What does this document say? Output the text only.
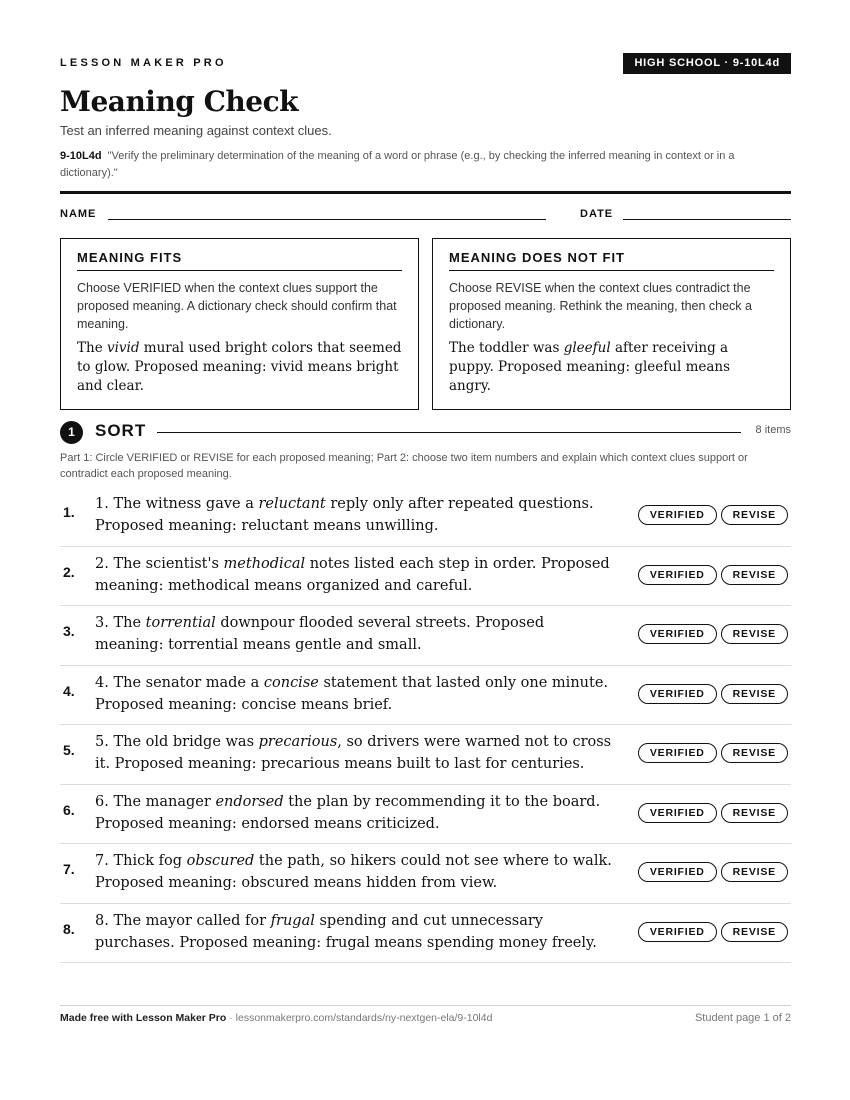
LESSON MAKER PRO	HIGH SCHOOL · 9-10L4d
Meaning Check
Test an inferred meaning against context clues.
9-10L4d "Verify the preliminary determination of the meaning of a word or phrase (e.g., by checking the inferred meaning in context or in a dictionary)."
NAME	DATE
MEANING FITS
Choose VERIFIED when the context clues support the proposed meaning. A dictionary check should confirm that meaning.
The vivid mural used bright colors that seemed to glow. Proposed meaning: vivid means bright and clear.
MEANING DOES NOT FIT
Choose REVISE when the context clues contradict the proposed meaning. Rethink the meaning, then check a dictionary.
The toddler was gleeful after receiving a puppy. Proposed meaning: gleeful means angry.
1	SORT	8 items
Part 1: Circle VERIFIED or REVISE for each proposed meaning; Part 2: choose two item numbers and explain which context clues support or contradict each proposed meaning.
1. 1. The witness gave a reluctant reply only after repeated questions. Proposed meaning: reluctant means unwilling.
VERIFIED	REVISE
2. 2. The scientist's methodical notes listed each step in order. Proposed meaning: methodical means organized and careful.
VERIFIED	REVISE
3. 3. The torrential downpour flooded several streets. Proposed meaning: torrential means gentle and small.
VERIFIED	REVISE
4. 4. The senator made a concise statement that lasted only one minute. Proposed meaning: concise means brief.
VERIFIED	REVISE
5. 5. The old bridge was precarious, so drivers were warned not to cross it. Proposed meaning: precarious means built to last for centuries.
VERIFIED	REVISE
6. 6. The manager endorsed the plan by recommending it to the board. Proposed meaning: endorsed means criticized.
VERIFIED	REVISE
7. 7. Thick fog obscured the path, so hikers could not see where to walk. Proposed meaning: obscured means hidden from view.
VERIFIED	REVISE
8. 8. The mayor called for frugal spending and cut unnecessary purchases. Proposed meaning: frugal means spending money freely.
VERIFIED	REVISE
Made free with Lesson Maker Pro · lessonmakerpro.com/standards/ny-nextgen-ela/9-10l4d	Student page 1 of 2
